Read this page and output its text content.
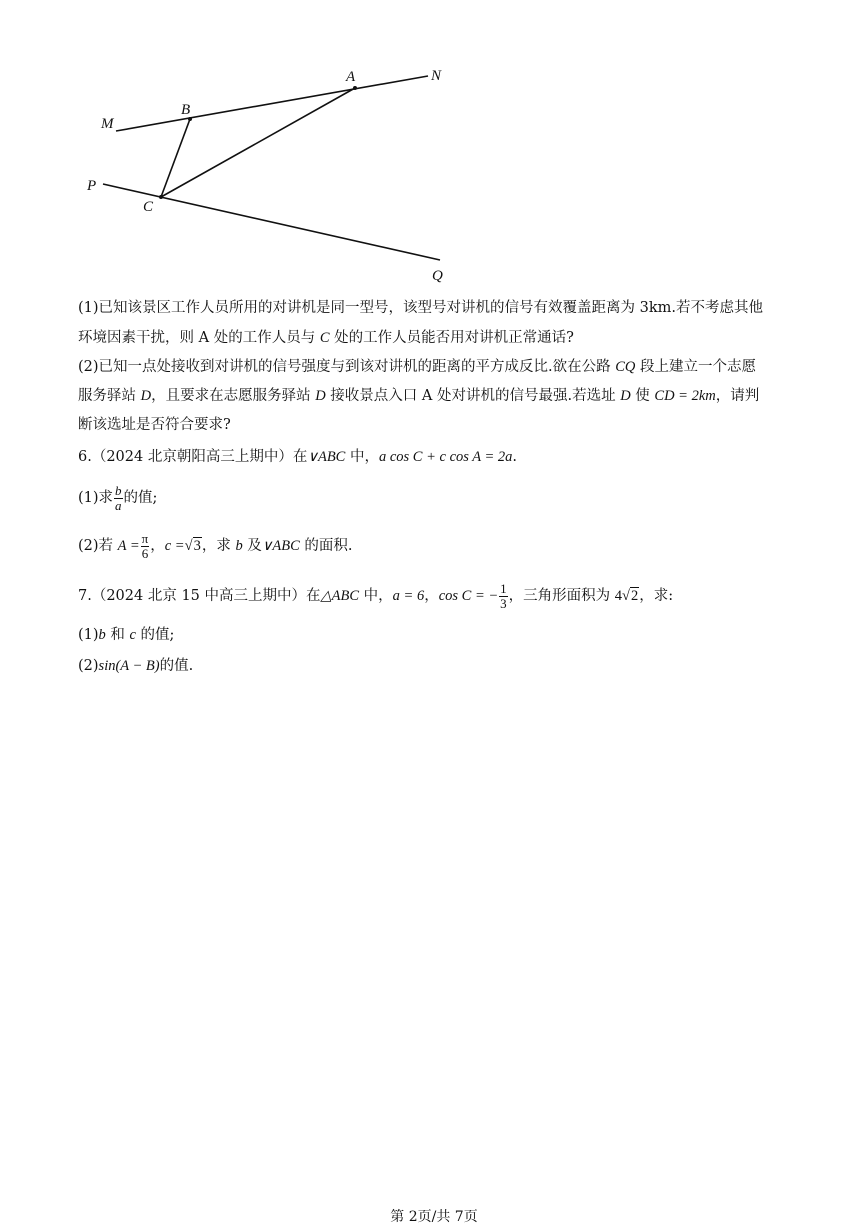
M
B
A	N
P
C
Q
(1)已知该景区工作人员所用的对讲机是同一型号，该型号对讲机的信号有效覆盖距离为 3km.若不考虑其他
环境因素干扰，则 A 处的工作人员与 C 处的工作人员能否用对讲机正常通话?
(2)已知一点处接收到对讲机的信号强度与到该对讲机的距离的平方成反比.欲在公路 CQ 段上建立一个志愿
服务驿站 D，且要求在志愿服务驿站 D 接收景点入口 A 处对讲机的信号最强.若选址 D 使 CD = 2km，请判
断该选址是否符合要求?
6.（2024 北京朝阳高三上期中）在∨ABC 中，a cos C + c cos A = 2a.
(1)求 $\frac{b}{a}$ 的值;
(2)若 $A = \frac{\pi}{6}$ ，c =√3，求 b 及∨ABC 的面积.
7.（2024 北京 15 中高三上期中）在△ABC 中，a = 6，cos C = − $\frac{1}{3}$ ，三角形面积为 4√2，求:
(1)b 和 c 的值;
(2)sin(A − B)的值.
第 2页/共 7页
